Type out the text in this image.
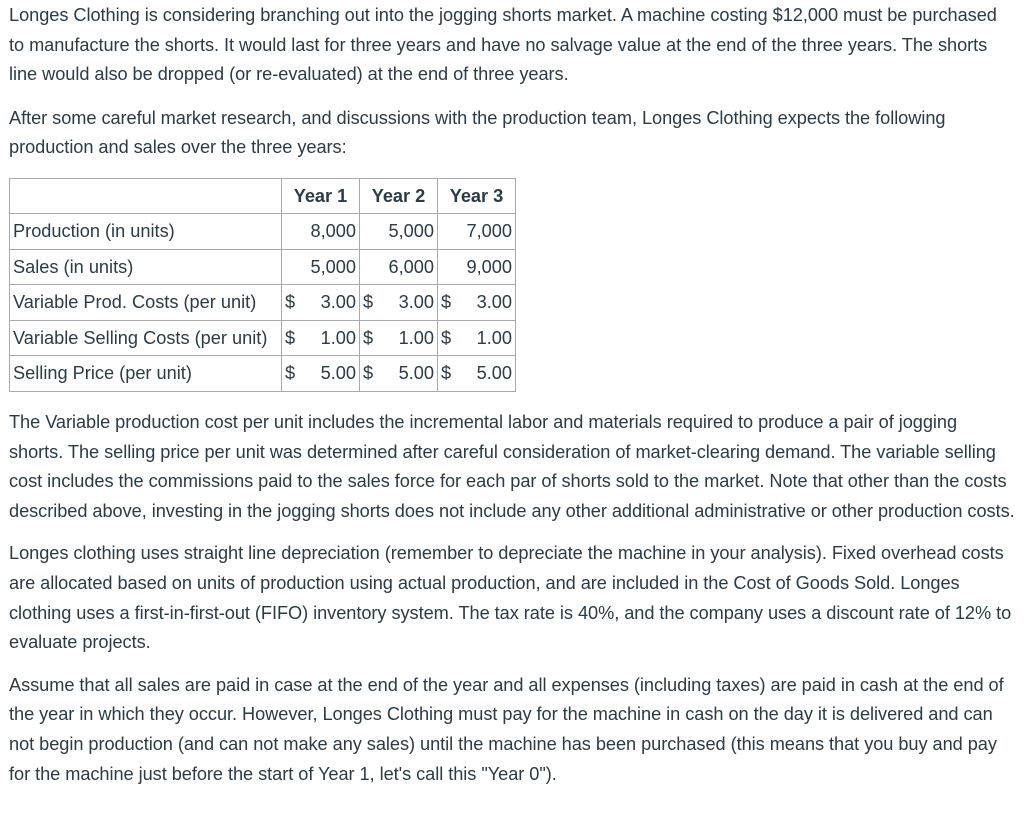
Longes Clothing is considering branching out into the jogging shorts market. A machine costing $12,000 must be purchased to manufacture the shorts. It would last for three years and have no salvage value at the end of the three years. The shorts line would also be dropped (or re-evaluated) at the end of three years.

After some careful market research, and discussions with the production team, Longes Clothing expects the following production and sales over the three years:

	Year 1	Year 2	Year 3
Production (in units)	8,000	5,000	7,000
Sales (in units)	5,000	6,000	9,000
Variable Prod. Costs (per unit)	$ 3.00	$ 3.00	$ 3.00

Variable Selling Costs (per unit)	$ 1.00	$ 1.00	$ 1.00

Selling Price (per unit)	$ 5.00	$ 5.00	$ 5.00

The Variable production cost per unit includes the incremental labor and materials required to produce a pair of jogging shorts. The selling price per unit was determined after careful consideration of market-clearing demand. The variable selling cost includes the commissions paid to the sales force for each par of shorts sold to the market. Note that other than the costs described above, investing in the jogging shorts does not include any other additional administrative or other production costs.

Longes clothing uses straight line depreciation (remember to depreciate the machine in your analysis). Fixed overhead costs are allocated based on units of production using actual production, and are included in the Cost of Goods Sold. Longes clothing uses a first-in-first-out (FIFO) inventory system. The tax rate is 40%, and the company uses a discount rate of 12% to evaluate projects.

Assume that all sales are paid in case at the end of the year and all expenses (including taxes) are paid in cash at the end of the year in which they occur. However, Longes Clothing must pay for the machine in cash on the day it is delivered and can not begin production (and can not make any sales) until the machine has been purchased (this means that you buy and pay for the machine just before the start of Year 1, let's call this "Year 0").
